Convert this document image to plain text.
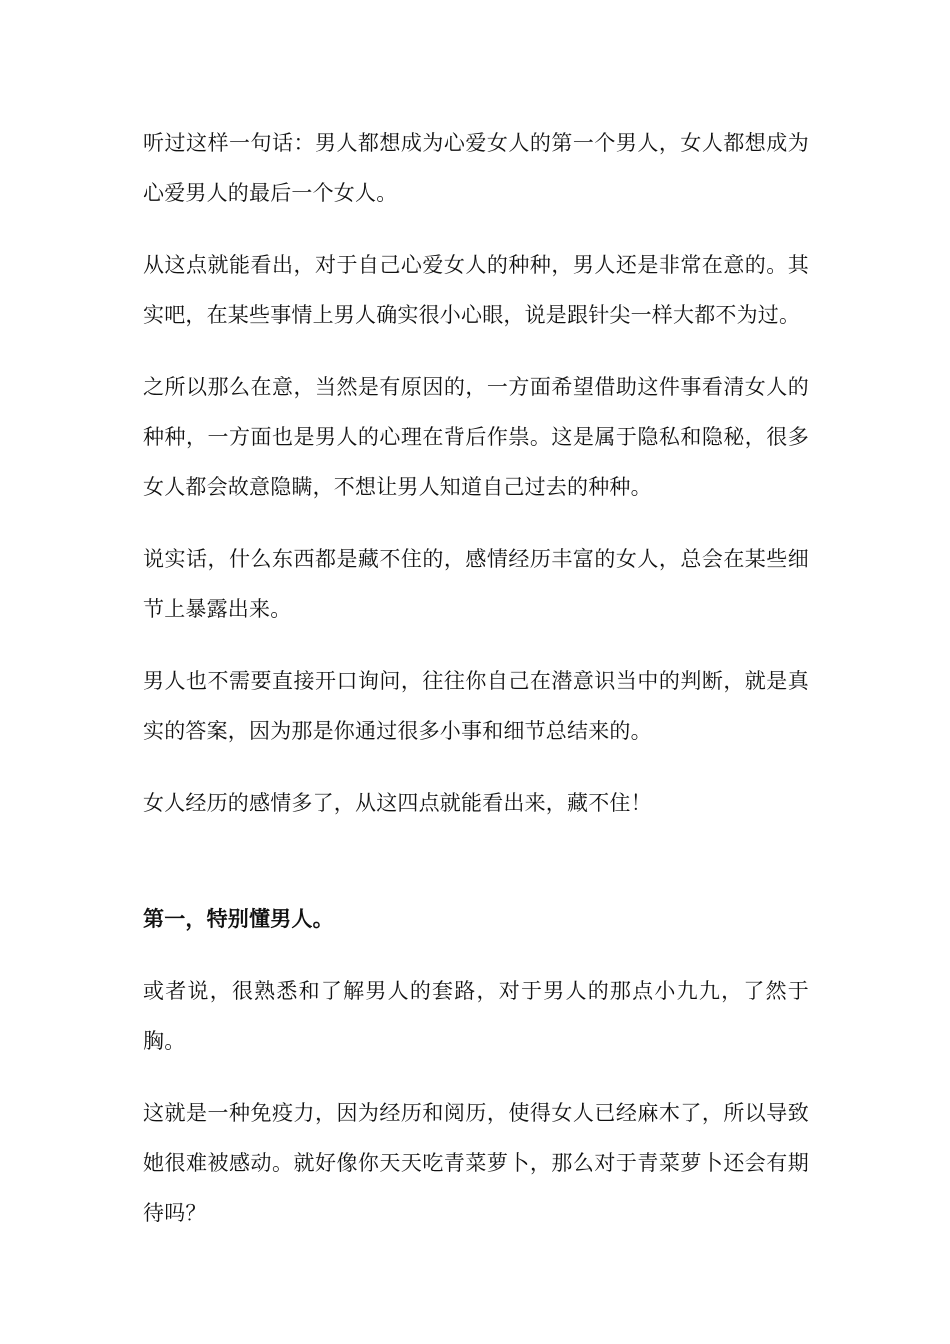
听过这样一句话：男人都想成为心爱女人的第一个男人，女人都想成为心爱男人的最后一个女人。

从这点就能看出，对于自己心爱女人的种种，男人还是非常在意的。其实吧，在某些事情上男人确实很小心眼，说是跟针尖一样大都不为过。

之所以那么在意，当然是有原因的，一方面希望借助这件事看清女人的种种，一方面也是男人的心理在背后作祟。这是属于隐私和隐秘，很多女人都会故意隐瞒，不想让男人知道自己过去的种种。

说实话，什么东西都是藏不住的，感情经历丰富的女人，总会在某些细节上暴露出来。

男人也不需要直接开口询问，往往你自己在潜意识当中的判断，就是真实的答案，因为那是你通过很多小事和细节总结来的。

女人经历的感情多了，从这四点就能看出来，藏不住！

第一，特别懂男人。

或者说，很熟悉和了解男人的套路，对于男人的那点小九九，了然于胸。

这就是一种免疫力，因为经历和阅历，使得女人已经麻木了，所以导致她很难被感动。就好像你天天吃青菜萝卜，那么对于青菜萝卜还会有期待吗？
